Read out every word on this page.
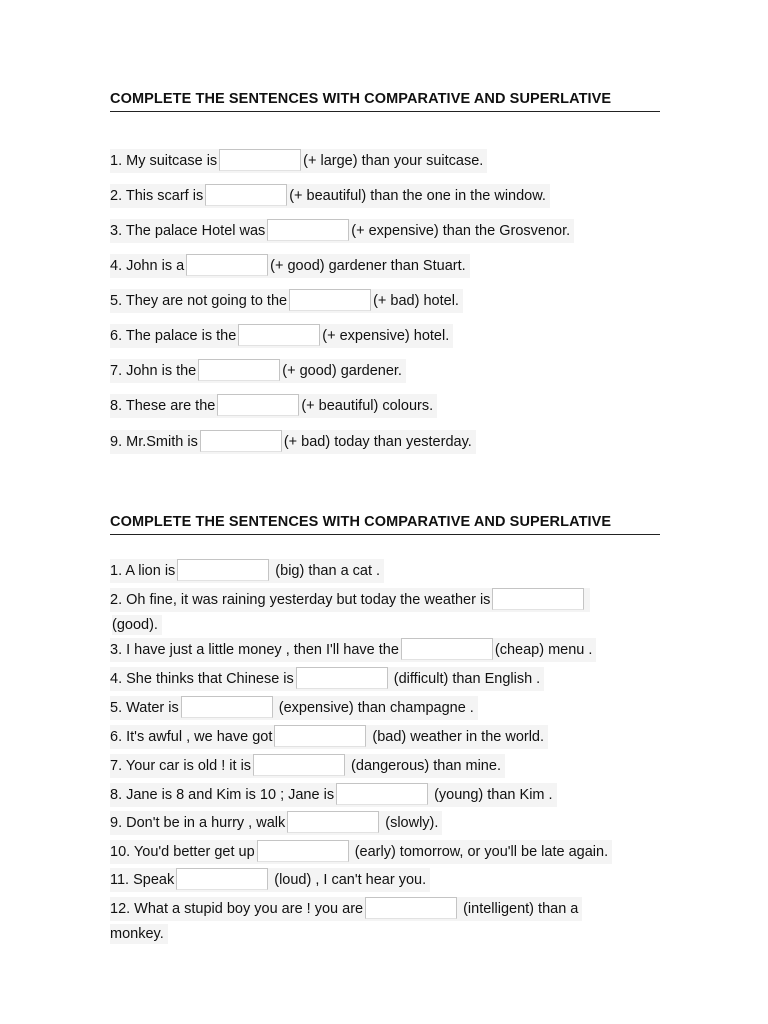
COMPLETE THE SENTENCES WITH COMPARATIVE AND SUPERLATIVE
1. My suitcase is	(+ large) than your suitcase.
2. This scarf is	(+ beautiful) than the one in the window.
3. The palace Hotel was	(+ expensive) than the Grosvenor.
4. John is a	(+ good) gardener than Stuart.
5. They are not going to the	(+ bad) hotel.
6. The palace is the	(+ expensive) hotel.
7. John is the	(+ good) gardener.
8. These are the	(+ beautiful) colours.
9. Mr.Smith is	(+ bad) today than yesterday.
COMPLETE THE SENTENCES WITH COMPARATIVE AND SUPERLATIVE
1. A lion is	(big) than a cat .
2. Oh fine, it was raining yesterday but today the weather is
(good).
3. I have just a little money , then I'll have the	(cheap) menu .
4. She thinks that Chinese is	(difficult) than English .
5. Water is	(expensive) than champagne .
6. It's awful , we have got	(bad) weather in the world.
7. Your car is old ! it is	(dangerous) than mine.
8. Jane is 8 and Kim is 10 ; Jane is	(young) than Kim .
9. Don't be in a hurry , walk	(slowly).
10. You'd better get up	(early) tomorrow, or you'll be late again.
11. Speak	(loud) , I can't hear you.
12. What a stupid boy you are ! you are	(intelligent) than a
monkey.
